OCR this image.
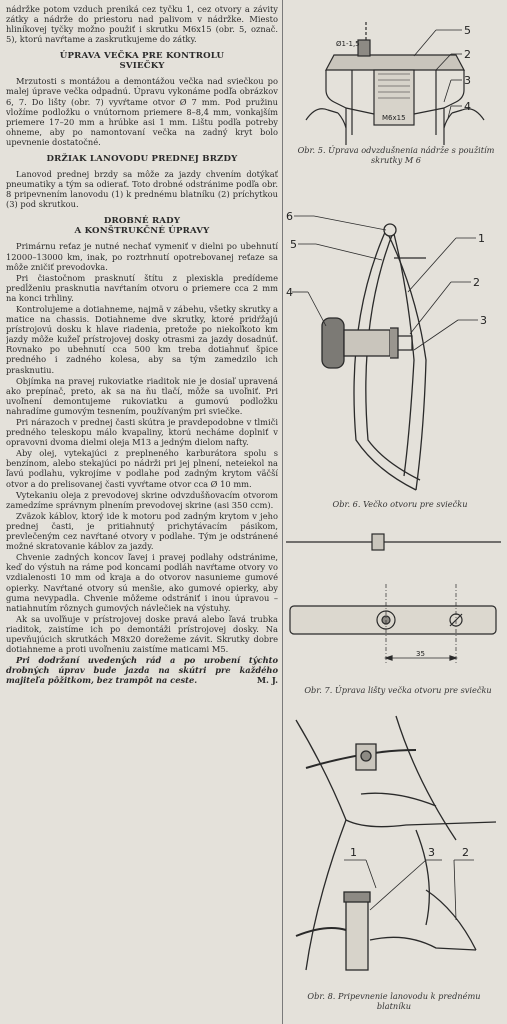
nádržke potom vzduch preniká cez tyčku 1, cez otvory a závity zátky a nádrže do priestoru nad palivom v nádržke. Miesto hliníkovej tyčky možno použiť i skrutku M6x15 (obr. 5, označ. 5), ktorú navŕtame a zaskrutkujeme do zátky.

ÚPRAVA VEČKA PRE KONTROLU
SVIEČKY

Mrzutosti s montážou a demontážou večka nad sviečkou po malej úprave večka odpadnú. Úpravu vykonáme podľa obrázkov 6, 7. Do lišty (obr. 7) vyvŕtame otvor Ø 7 mm. Pod pružinu vložíme podložku o vnútornom priemere 8–8,4 mm, vonkajším priemere 17–20 mm a hrúbke asi 1 mm. Lištu podľa potreby ohneme, aby po namontovaní večka na zadný kryt bolo upevnenie dostatočné.

DRŽIAK LANOVODU PREDNEJ BRZDY

Lanovod prednej brzdy sa môže za jazdy chvením dotýkať pneumatiky a tým sa odierať. Toto drobné odstránime podľa obr. 8 pripevnením lanovodu (1) k prednému blatníku (2) príchytkou (3) pod skrutkou.

DROBNÉ RADY
A KONŠTRUKČNÉ ÚPRAVY

Primárnu reťaz je nutné nechať vymeniť v dielni po ubehnutí 12000–13000 km, inak, po roztrhnutí opotrebovanej reťaze sa môže zničiť prevodovka.

Pri čiastočnom prasknutí štítu z plexiskla predídeme predĺženiu prasknutia navŕtaním otvoru o priemere cca 2 mm na konci trhliny.

Kontrolujeme a dotiahneme, najmä v zábehu, všetky skrutky a matice na chassis. Dotiahneme dve skrutky, ktoré pridŕžajú prístrojovú dosku k hlave riadenia, pretože po niekoľkoto km jazdy môže kužeľ prístrojovej dosky otrasmi za jazdy dosadnúť. Rovnako po ubehnutí cca 500 km treba dotiahnuť špice predného i zadného kolesa, aby sa tým zamedzilo ich prasknutiu.

Objímka na pravej rukoviatke riaditok nie je dosiaľ upravená ako prepínač, preto, ak sa na ňu tlačí, môže sa uvoľniť. Pri uvoľnení demontujeme rukoviatku a gumovú podložku nahradíme gumovým tesnením, používaným pri sviečke.

Pri nárazoch v prednej časti skútra je pravdepodobne v tlmiči predného teleskopu málo kvapaliny, ktorú necháme doplniť v opravovni dvoma dielmi oleja M13 a jedným dielom nafty.

Aby olej, vytekajúci z preplneného karburátora spolu s benzínom, alebo stekajúci po nádrži pri jej plnení, neteiekol na ľavú podlahu, vykrojíme v podlahe pod zadným krytom väčší otvor a do prelisovanej časti vyvŕtame otvor cca Ø 10 mm.

Vytekaniu oleja z prevodovej skrine odvzdušňovacím otvorom zamedzíme správnym plnením prevodovej skrine (asi 350 ccm).

Zväzok káblov, ktorý ide k motoru pod zadným krytom v jeho prednej časti, je pritiahnutý prichytávacím pásikom, prevlečeným cez navŕtané otvory v podlahe. Tým je odstránené možné skratovanie káblov za jazdy.

Chvenie zadných koncov ľavej i pravej podlahy odstránime, keď do výstuh na ráme pod koncami podláh navŕtame otvory vo vzdialenosti 10 mm od kraja a do otvorov nasunieme gumové opierky. Navŕtané otvory sú menšie, ako gumové opierky, aby guma nevypadla. Chvenie môžeme odstrániť i inou úpravou – natiahnutím rôznych gumových návlečiek na výstuhy.

Ak sa uvoľňuje v prístrojovej doske pravá alebo ľavá trubka riaditok, zaistíme ich po demontáži prístrojovej dosky. Na upevňujúcich skrutkách M8x20 dorežeme závit. Skrutky dobre dotiahneme a proti uvoľneniu zaistíme maticami M5.

Pri dodržaní uvedených rád a po urobení týchto drobných úprav bude jazda na skútri pre každého majiteľa pôžitkom, bez trampôt na ceste.	M. J.

Ø1-1,5
M6x15
5
2
3
4
Obr. 5. Úprava odvzdušnenia nádrže s použitím skrutky M 6
6
5
4
1
2
3
Obr. 6. Večko otvoru pre sviečku
35
Obr. 7. Úprava lišty večka otvoru pre sviečku
1	3 2
Obr. 8. Pripevnenie lanovodu k prednému blatníku
